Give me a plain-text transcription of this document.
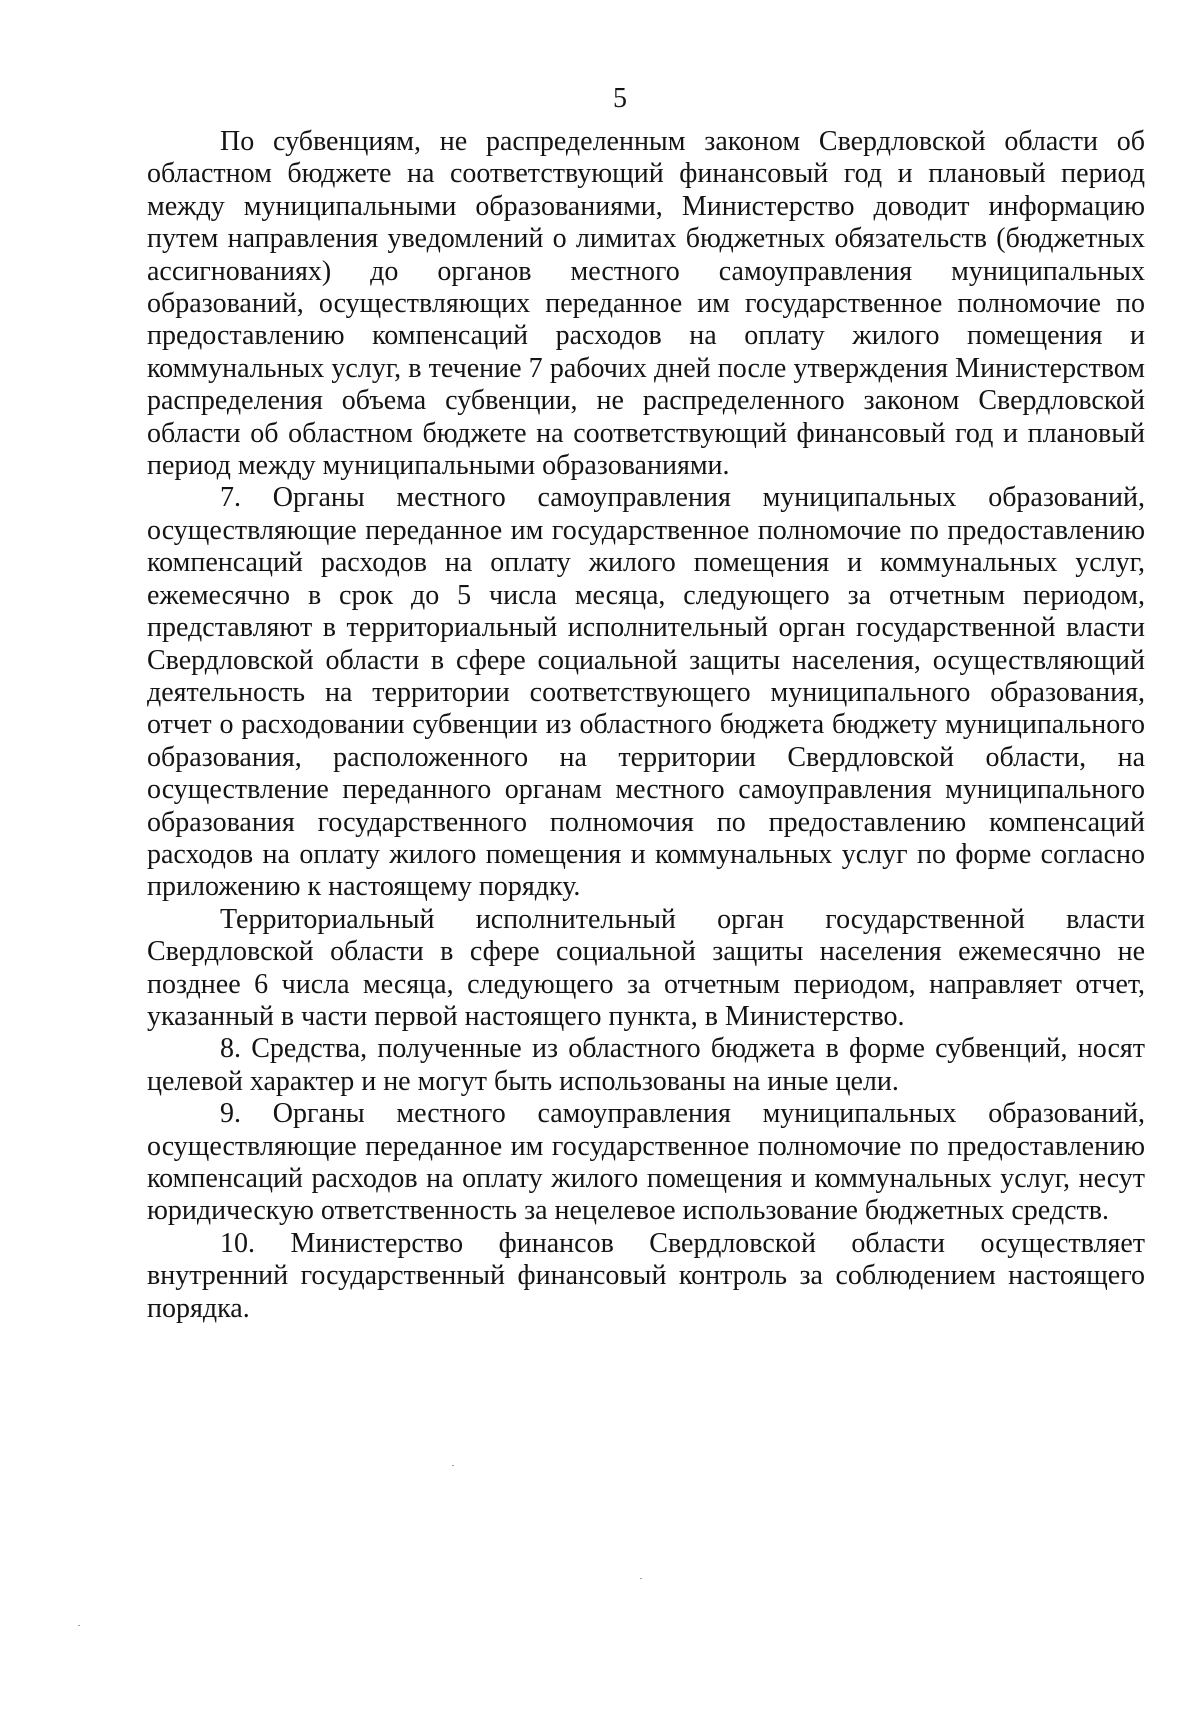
5

По субвенциям, не распределенным законом Свердловской области об областном бюджете на соответствующий финансовый год и плановый период между муниципальными образованиями, Министерство доводит информацию путем направления уведомлений о лимитах бюджетных обязательств (бюджетных ассигнованиях) до органов местного самоуправления муниципальных образований, осуществляющих переданное им государственное полномочие по предоставлению компенсаций расходов на оплату жилого помещения и коммунальных услуг, в течение 7 рабочих дней после утверждения Министерством распределения объема субвенции, не распределенного законом Свердловской области об областном бюджете на соответствующий финансовый год и плановый период между муниципальными образованиями.

7. Органы местного самоуправления муниципальных образований, осуществляющие переданное им государственное полномочие по предоставлению компенсаций расходов на оплату жилого помещения и коммунальных услуг, ежемесячно в срок до 5 числа месяца, следующего за отчетным периодом, представляют в территориальный исполнительный орган государственной власти Свердловской области в сфере социальной защиты населения, осуществляющий деятельность на территории соответствующего муниципального образования, отчет о расходовании субвенции из областного бюджета бюджету муниципального образования, расположенного на территории Свердловской области, на осуществление переданного органам местного самоуправления муниципального образования государственного полномочия по предоставлению компенсаций расходов на оплату жилого помещения и коммунальных услуг по форме согласно приложению к настоящему порядку.

Территориальный исполнительный орган государственной власти Свердловской области в сфере социальной защиты населения ежемесячно не позднее 6 числа месяца, следующего за отчетным периодом, направляет отчет, указанный в части первой настоящего пункта, в Министерство.

8. Средства, полученные из областного бюджета в форме субвенций, носят целевой характер и не могут быть использованы на иные цели.

9. Органы местного самоуправления муниципальных образований, осуществляющие переданное им государственное полномочие по предоставлению компенсаций расходов на оплату жилого помещения и коммунальных услуг, несут юридическую ответственность за нецелевое использование бюджетных средств.

10. Министерство финансов Свердловской области осуществляет внутренний государственный финансовый контроль за соблюдением настоящего порядка.
